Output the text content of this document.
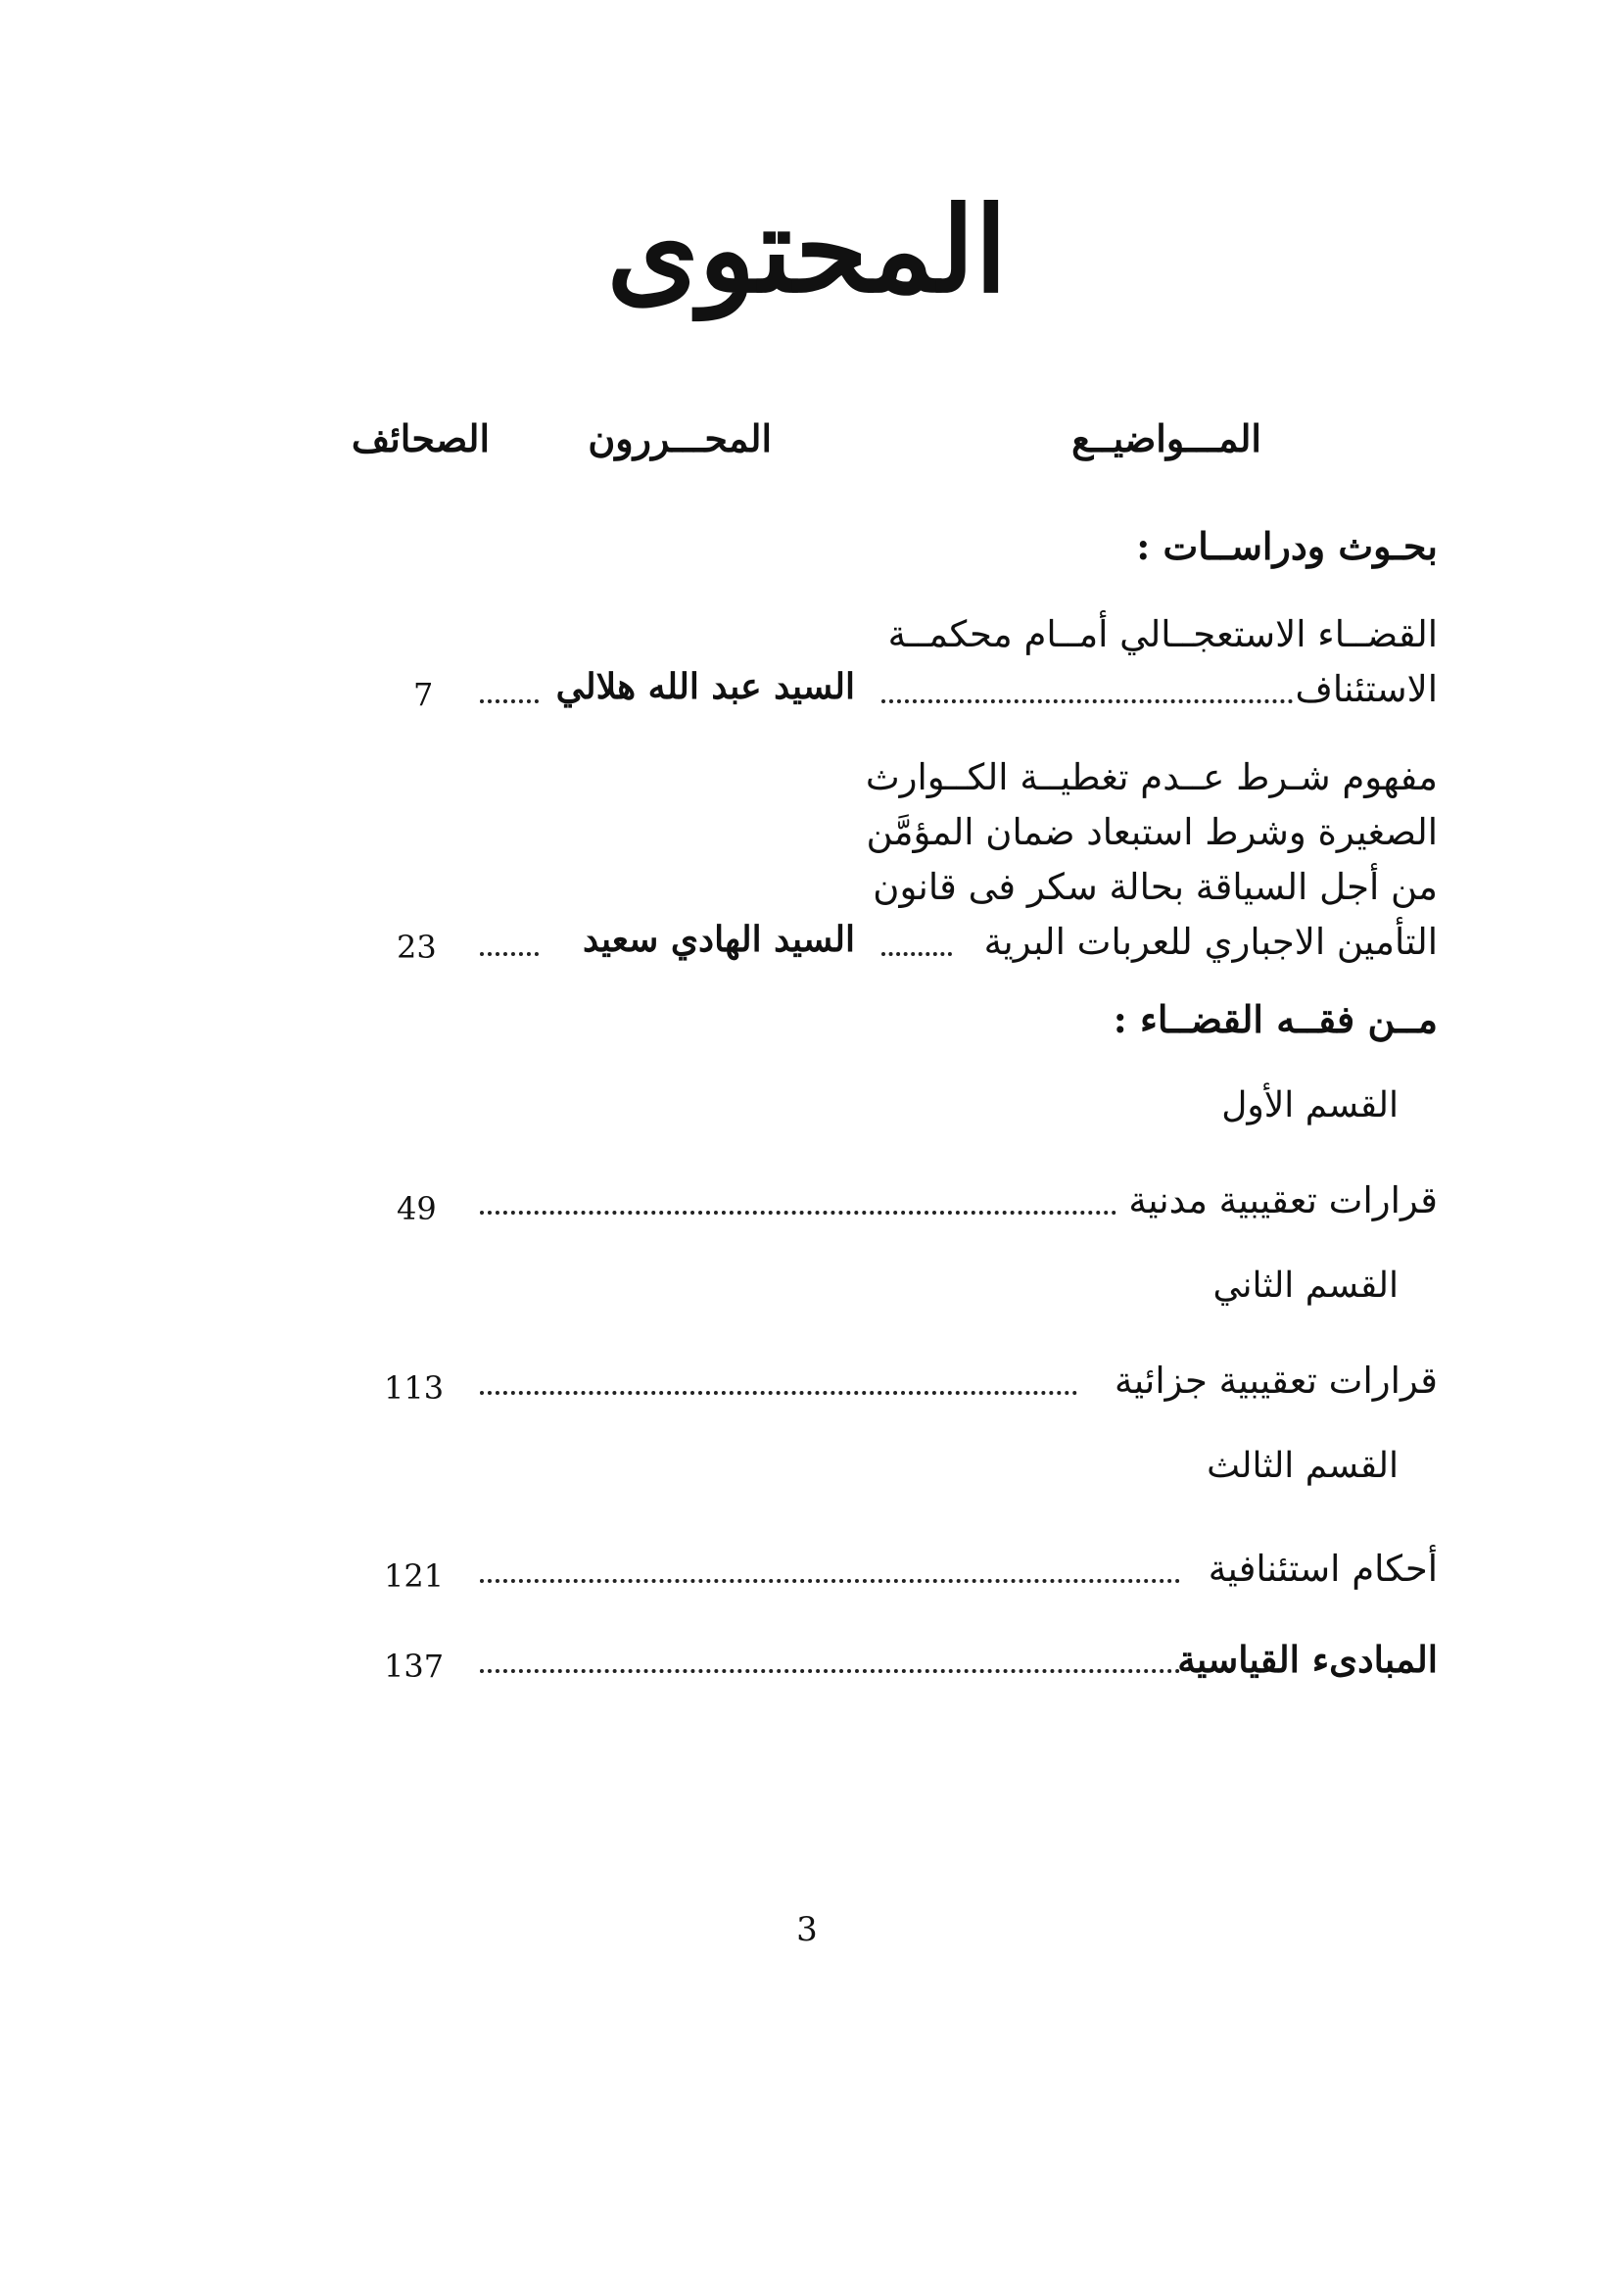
المحتوى
المـــواضيــع
المحـــررون
الصحائف
بحـوث ودراســات :
القضــاء الاستعجــالي أمــام محكمــة
الاستئناف
السيد عبد الله هلالي
7
مفهوم شـرط عــدم تغطيــة الكــوارث
الصغيرة وشرط استبعاد ضمان المؤمَّن
من أجل السياقة بحالة سكر فى قانون
التأمين الاجباري للعربات البرية
السيد الهادي سعيد
23
مــن فقــه القضــاء :
القسم الأول
قرارات تعقيبية مدنية
49
القسم الثاني
قرارات تعقيبية جزائية
113
القسم الثالث
أحكام استئنافية
121
المبادىء القياسية
137
3
